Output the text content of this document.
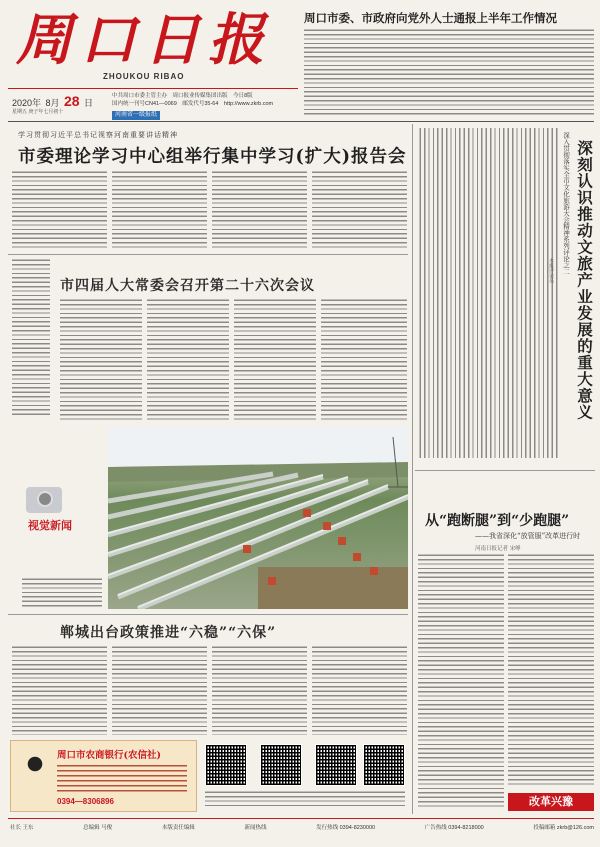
周口日报
ZHOUKOU RIBAO
2020年 8月 28 日
星期五 庚子年七月初十
中共周口市委主管主办　 周口报业传媒集团出版　 今日8版
国内统一刊号CN41—0069　 邮发代号35-64　 http://www.zkrb.com
河南省一级报纸
周口市委、市政府向党外人士通报上半年工作情况
学习贯彻习近平总书记视察河南重要讲话精神
市委理论学习中心组举行集中学习(扩大)报告会
市四届人大常委会召开第二十六次会议
视觉新闻
郸城出台政策推进“六稳”“六保”
周口市农商银行(农信社)
0394—8306896
深入贯彻落实全市文化旅游大会精神系列评论之二 深刻认识推动文旅产业发展的重大意义
本报评论员
从“跑断腿”到“少跑腿”
——我省深化“放管服”改革进行时
河南日报记者 宋峥
改革兴豫
社长 王东	总编辑 马俊	本版责任编辑	新闻热线	发行热线 0394-8230000	广告热线 0394-8218000	投稿邮箱 zkrb@126.com
